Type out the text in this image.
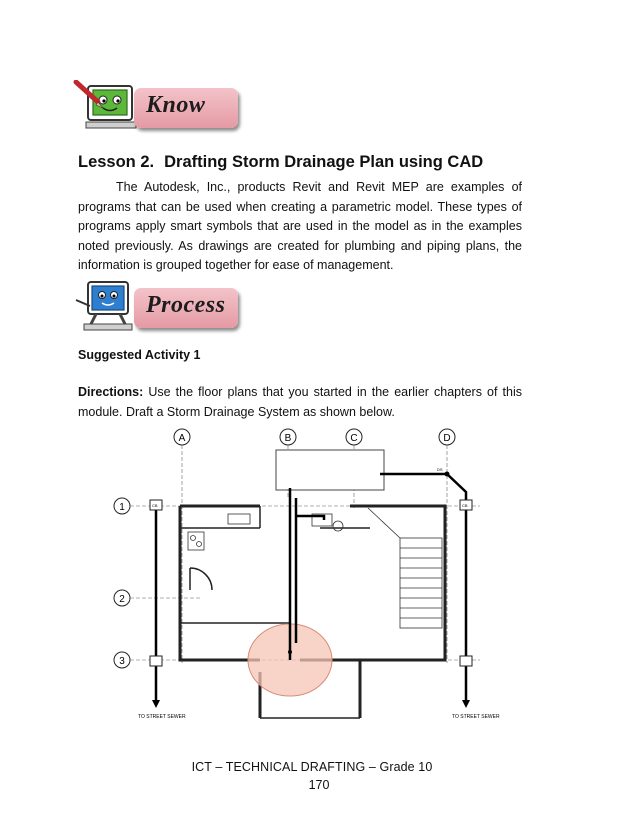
Know
Lesson 2. Drafting Storm Drainage Plan using CAD

The Autodesk, Inc., products Revit and Revit MEP are examples of programs that can be used when creating a parametric model. These types of programs apply smart symbols that are used in the model as in the examples noted previously. As drawings are created for plumbing and piping plans, the information is grouped together for ease of management.

Process
Suggested Activity 1

Directions: Use the floor plans that you started in the earlier chapters of this module. Draft a Storm Drainage System as shown below.

A	B	C	D
1
2
3
CB	CB
DS
TO STREET SEWER	TO STREET SEWER
ICT – TECHNICAL DRAFTING – Grade 10
170
